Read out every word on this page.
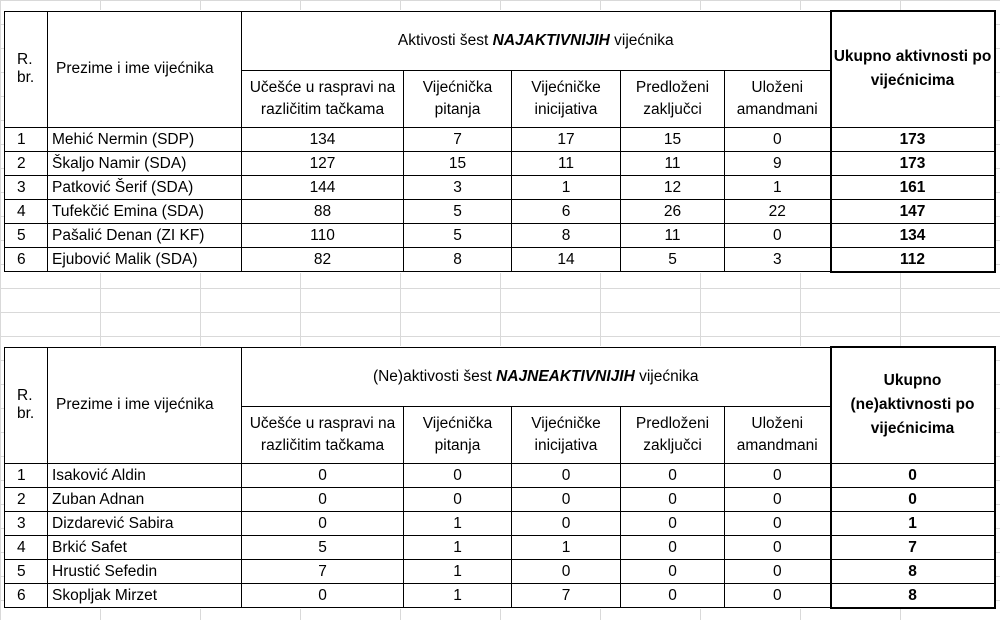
R.
br.	Prezime i ime vijećnika	Aktivosti šest NAJAKTIVNIJIH vijećnika					Ukupno aktivnosti po vijećnicima
		Učešće u raspravi na različitim tačkama	Vijećnička pitanja	Vijećničke inicijativa	Predloženi zaključci	Uloženi amandmani	
1	Mehić Nermin (SDP)	134	7	17	15	0	173
2	Škaljo Namir (SDA)	127	15	11	11	9	173
3	Patković Šerif (SDA)	144	3	1	12	1	161
4	Tufekčić Emina (SDA)	88	5	6	26	22	147
5	Pašalić Denan (ZI KF)	110	5	8	11	0	134
6	Ejubović Malik (SDA)	82	8	14	5	3	112
R.
br.	Prezime i ime vijećnika	(Ne)aktivosti šest NAJNEAKTIVNIJIH vijećnika					Ukupno (ne)aktivnosti po vijećnicima
		Učešće u raspravi na različitim tačkama	Vijećnička pitanja	Vijećničke inicijativa	Predloženi zaključci	Uloženi amandmani	
1	Isaković Aldin	0	0	0	0	0	0
2	Zuban Adnan	0	0	0	0	0	0
3	Dizdarević Sabira	0	1	0	0	0	1
4	Brkić Safet	5	1	1	0	0	7
5	Hrustić Sefedin	7	1	0	0	0	8
6	Skopljak Mirzet	0	1	7	0	0	8
